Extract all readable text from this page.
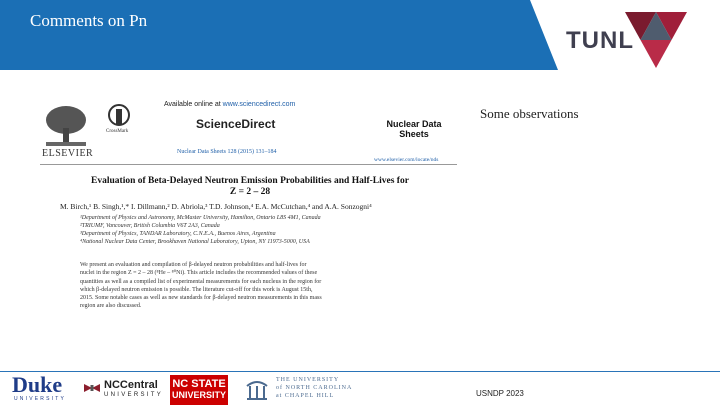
Comments on Pn
TUNL
ELSEVIER
CrossMark
Available online at www.sciencedirect.com
ScienceDirect
Nuclear Data Sheets 128 (2015) 131–184
Nuclear Data
Sheets
www.elsevier.com/locate/nds
Evaluation of Beta-Delayed Neutron Emission Probabilities and Half-Lives for
Z = 2 – 28
M. Birch,¹ B. Singh,¹,* I. Dillmann,² D. Abriola,³ T.D. Johnson,⁴ E.A. McCutchan,⁴ and A.A. Sonzogni⁴
¹Department of Physics and Astronomy, McMaster University, Hamilton, Ontario L8S 4M1, Canada
²TRIUMF, Vancouver, British Columbia V6T 2A3, Canada
³Department of Physics, TANDAR Laboratory, C.N.E.A., Buenos Aires, Argentina
⁴National Nuclear Data Center, Brookhaven National Laboratory, Upton, NY 11973-5000, USA
We present an evaluation and compilation of β-delayed neutron probabilities and half-lives for
nuclei in the region Z = 2 – 28 (⁸He – ⁸⁰Ni). This article includes the recommended values of these
quantities as well as a compiled list of experimental measurements for each nucleus in the region for
which β-delayed neutron emission is possible. The literature cut-off for this work is August 15th,
2015. Some notable cases as well as new standards for β-delayed neutron measurements in this mass
region are also discussed.
Some observations
Duke
UNIVERSITY
NCCentral
UNIVERSITY
NC STATE
UNIVERSITY
THE UNIVERSITY
of NORTH CAROLINA
at CHAPEL HILL	USNDP 2023
